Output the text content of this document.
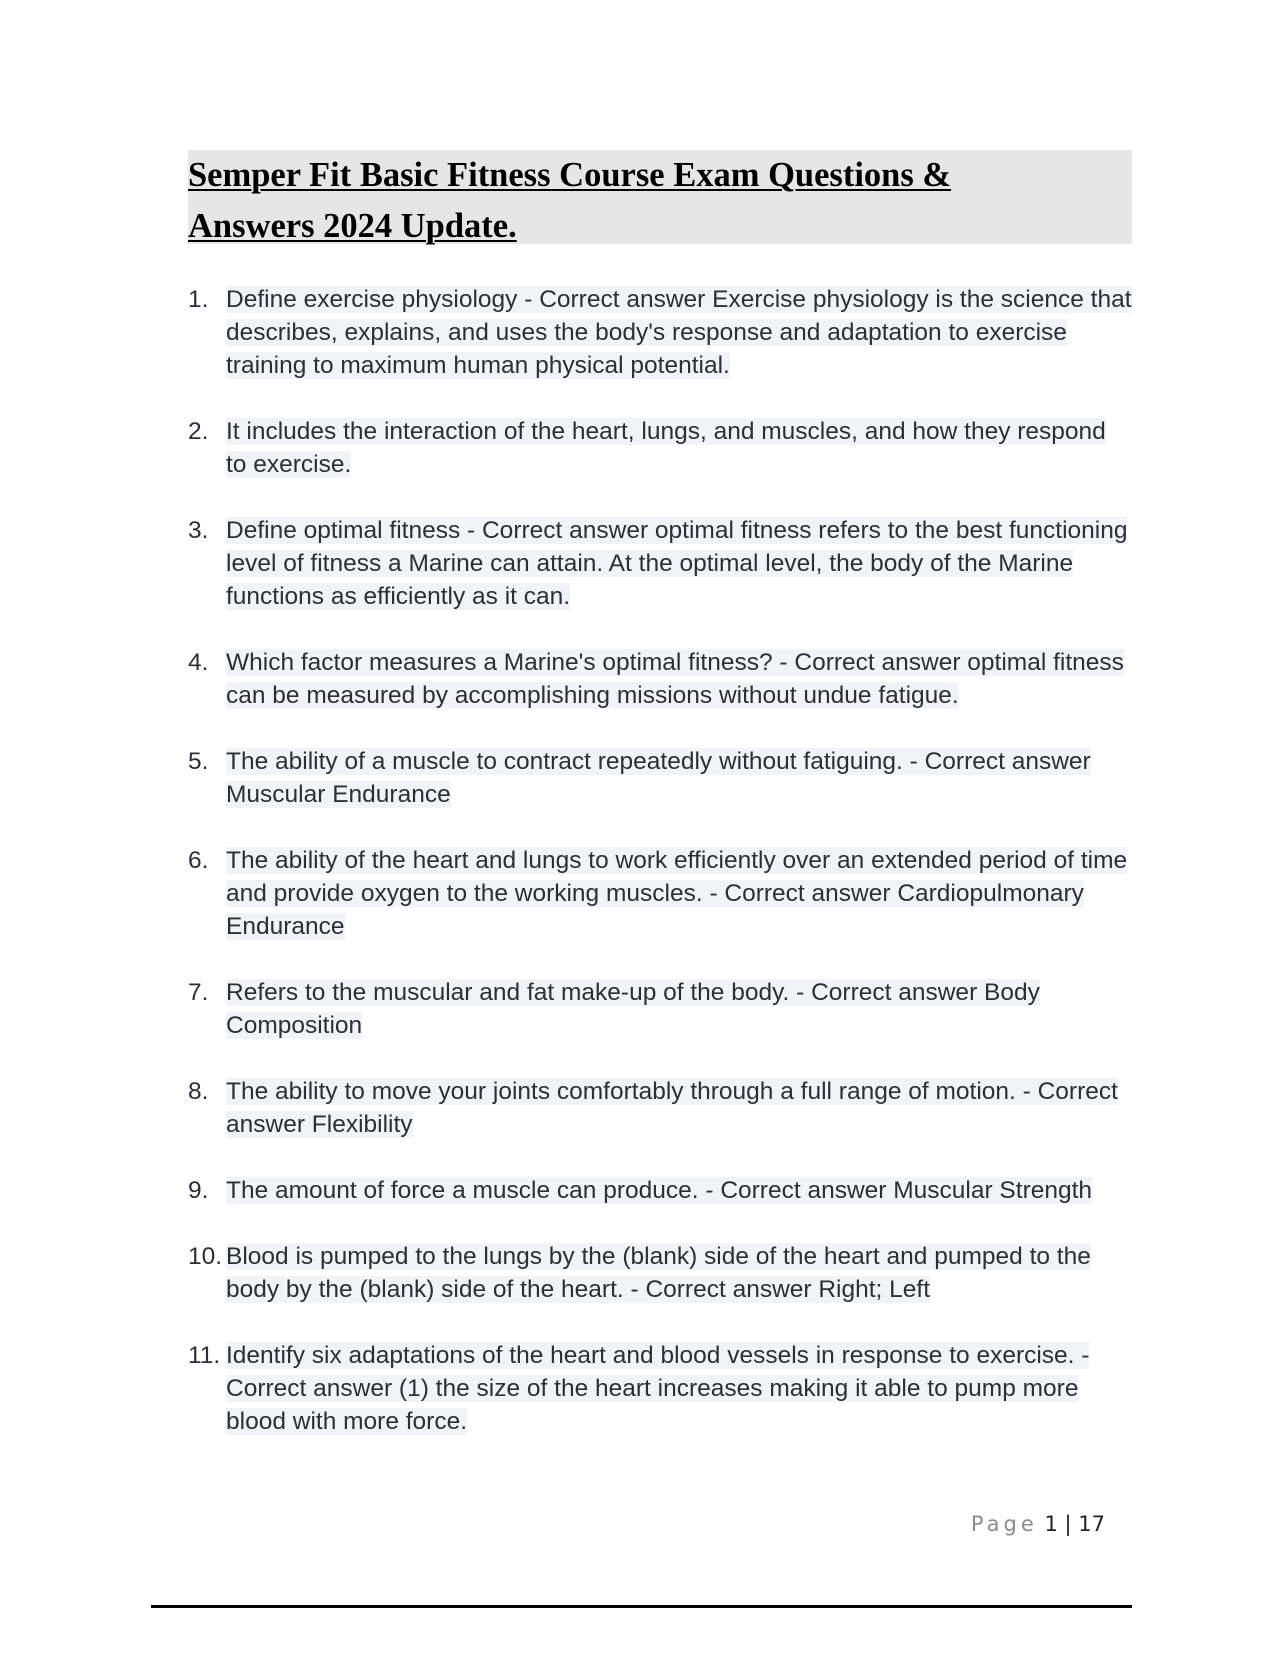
Semper Fit Basic Fitness Course Exam Questions &
Answers 2024 Update.
1. Define exercise physiology - Correct answer Exercise physiology is the science that describes, explains, and uses the body's response and adaptation to exercise training to maximum human physical potential.
2. It includes the interaction of the heart, lungs, and muscles, and how they respond to exercise.
3. Define optimal fitness - Correct answer optimal fitness refers to the best functioning level of fitness a Marine can attain. At the optimal level, the body of the Marine functions as efficiently as it can.
4. Which factor measures a Marine's optimal fitness? - Correct answer optimal fitness can be measured by accomplishing missions without undue fatigue.
5. The ability of a muscle to contract repeatedly without fatiguing. - Correct answer Muscular Endurance
6. The ability of the heart and lungs to work efficiently over an extended period of time and provide oxygen to the working muscles. - Correct answer Cardiopulmonary Endurance
7. Refers to the muscular and fat make-up of the body. - Correct answer Body Composition
8. The ability to move your joints comfortably through a full range of motion. - Correct answer Flexibility
9. The amount of force a muscle can produce. - Correct answer Muscular Strength
10. Blood is pumped to the lungs by the (blank) side of the heart and pumped to the body by the (blank) side of the heart. - Correct answer Right; Left
11. Identify six adaptations of the heart and blood vessels in response to exercise. - Correct answer (1) the size of the heart increases making it able to pump more blood with more force.
Page 1 | 17
